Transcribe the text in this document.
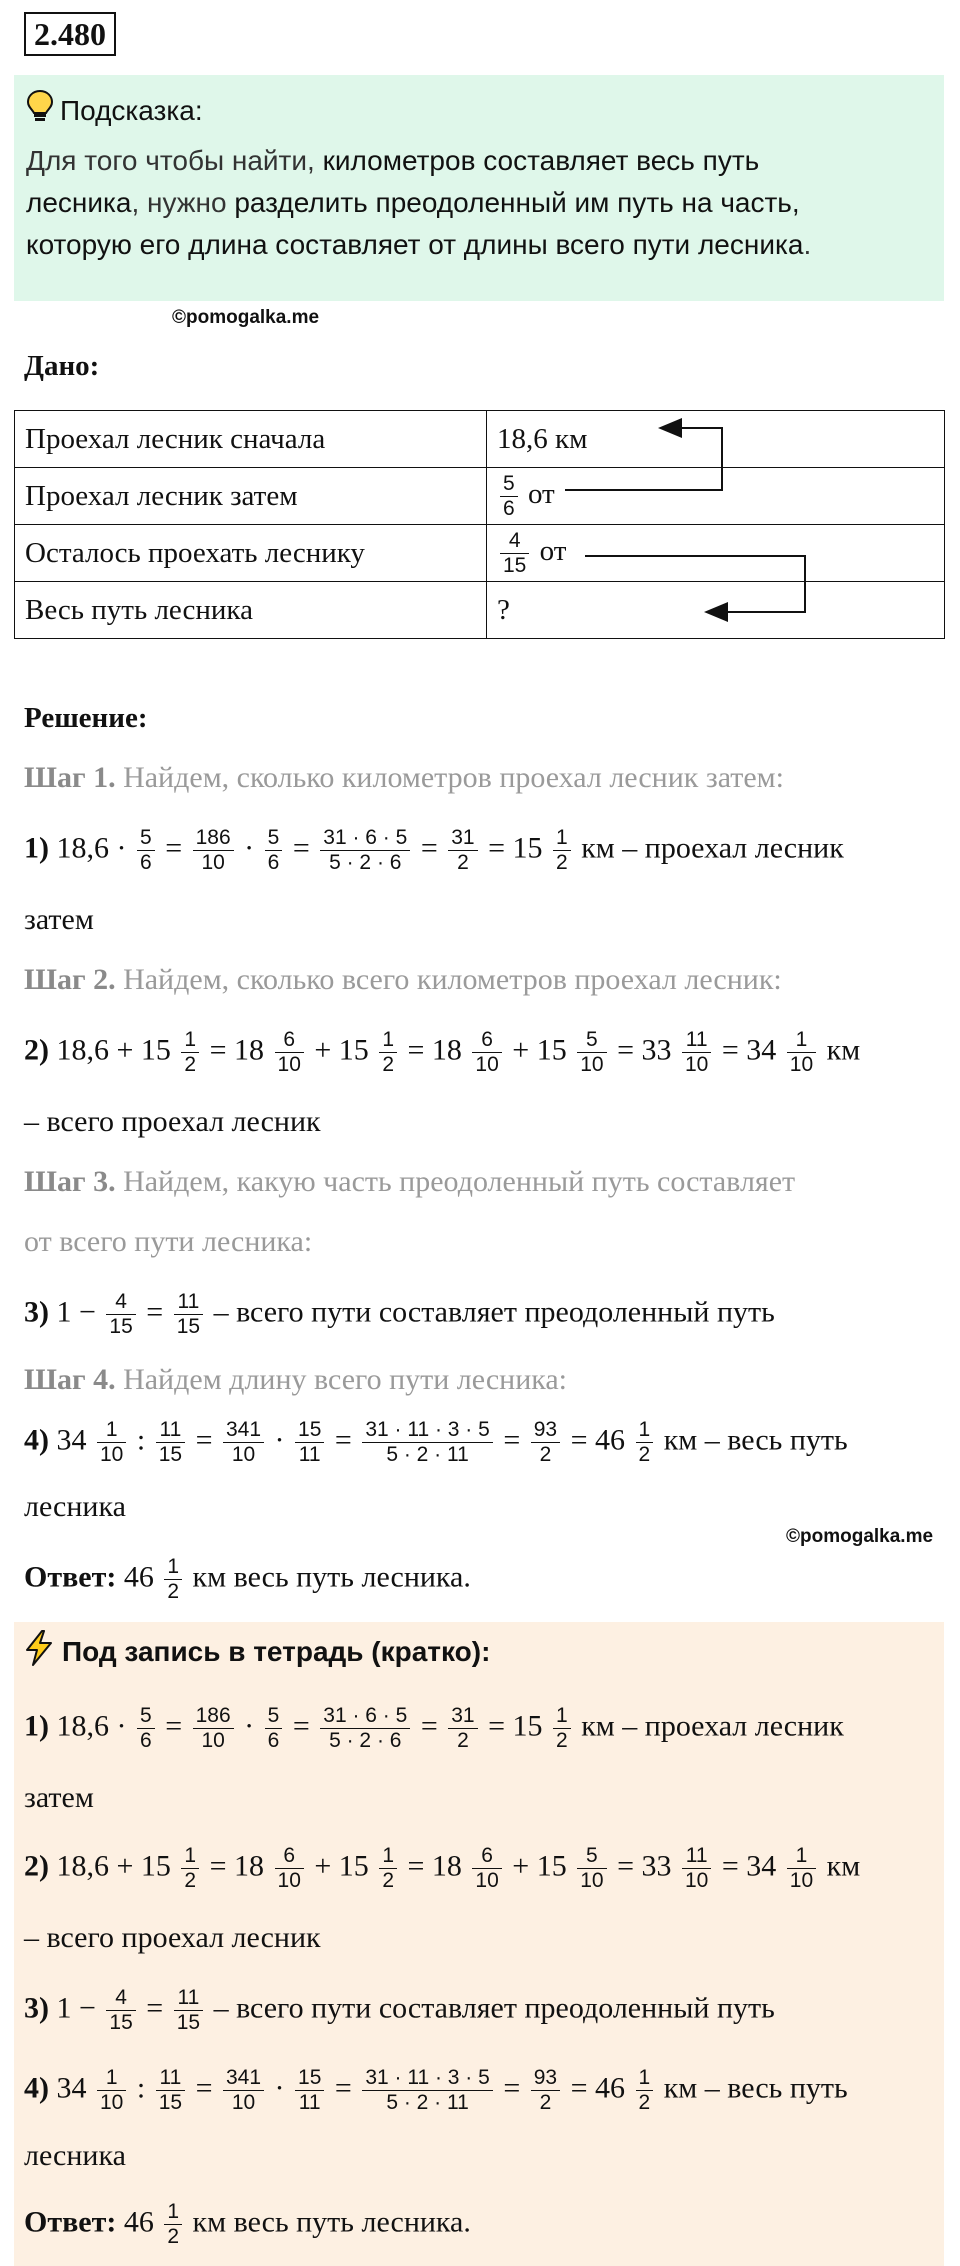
2.480
Подсказка:
Для того чтобы найти, километров составляет весь путь
лесника, нужно разделить преодоленный им путь на часть,
которую его длина составляет от длины всего пути лесника.
©pomogalka.me
Дано:
Проехал лесник сначала	18,6 км
Проехал лесник затем	$\frac{5}{6}$ от
Осталось проехать леснику	$\frac{4}{15}$ от
Весь путь лесника	?
Решение:
Шаг 1. Найдем, сколько километров проехал лесник затем:
1) $18,6 \cdot \frac{5}{6} = \frac{186}{10} \cdot \frac{5}{6} = \frac{31 \cdot 6 \cdot 5}{5 \cdot 2 \cdot 6} = \frac{31}{2} = 15 \frac{1}{2}$ км – проехал лесник
затем
Шаг 2. Найдем, сколько всего километров проехал лесник:
2) $18,6 + 15 \frac{1}{2} = 18 \frac{6}{10} + 15 \frac{1}{2} = 18 \frac{6}{10} + 15 \frac{5}{10} = 33 \frac{11}{10} = 34 \frac{1}{10}$ км
– всего проехал лесник
Шаг 3. Найдем, какую часть преодоленный путь составляет
от всего пути лесника:
3) $1 - \frac{4}{15} = \frac{11}{15}$ – всего пути составляет преодоленный путь
Шаг 4. Найдем длину всего пути лесника:
4) $34 \frac{1}{10}$ : $\frac{11}{15} = \frac{341}{10} \cdot \frac{15}{11} = \frac{31 \cdot 11 \cdot 3 \cdot 5}{5 \cdot 2 \cdot 11} = \frac{93}{2} = 46 \frac{1}{2}$ км – весь путь
лесника
©pomogalka.me
Ответ: $46 \frac{1}{2}$ км весь путь лесника.
Под запись в тетрадь (кратко):
1) $18,6 \cdot \frac{5}{6} = \frac{186}{10} \cdot \frac{5}{6} = \frac{31 \cdot 6 \cdot 5}{5 \cdot 2 \cdot 6} = \frac{31}{2} = 15 \frac{1}{2}$ км – проехал лесник
затем
2) $18,6 + 15 \frac{1}{2} = 18 \frac{6}{10} + 15 \frac{1}{2} = 18 \frac{6}{10} + 15 \frac{5}{10} = 33 \frac{11}{10} = 34 \frac{1}{10}$ км
– всего проехал лесник
3) $1 - \frac{4}{15} = \frac{11}{15}$ – всего пути составляет преодоленный путь
4) $34 \frac{1}{10}$ : $\frac{11}{15} = \frac{341}{10} \cdot \frac{15}{11} = \frac{31 \cdot 11 \cdot 3 \cdot 5}{5 \cdot 2 \cdot 11} = \frac{93}{2} = 46 \frac{1}{2}$ км – весь путь
лесника
Ответ: $46 \frac{1}{2}$ км весь путь лесника.
